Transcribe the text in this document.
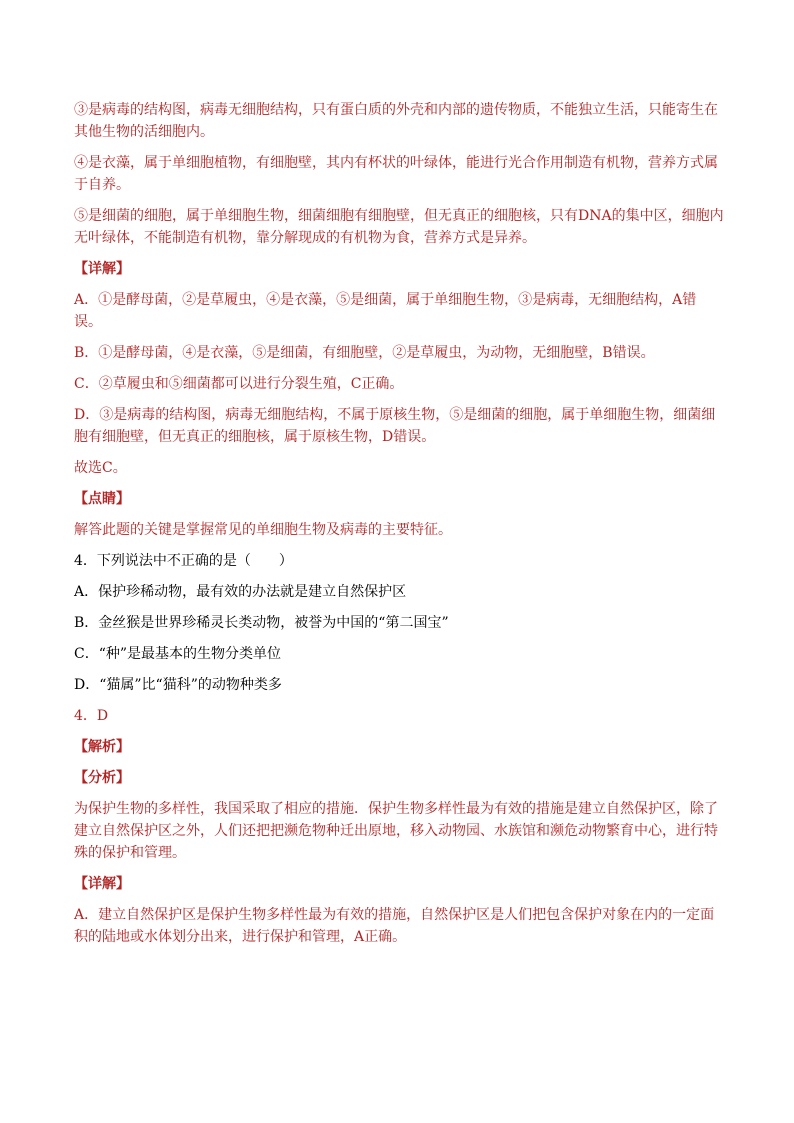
③是病毒的结构图，病毒无细胞结构，只有蛋白质的外壳和内部的遗传物质，不能独立生活，只能寄生在其他生物的活细胞内。
④是衣藻，属于单细胞植物，有细胞壁，其内有杯状的叶绿体，能进行光合作用制造有机物，营养方式属于自养。
⑤是细菌的细胞，属于单细胞生物，细菌细胞有细胞壁，但无真正的细胞核，只有DNA的集中区，细胞内无叶绿体，不能制造有机物，靠分解现成的有机物为食，营养方式是异养。
【详解】
A．①是酵母菌，②是草履虫，④是衣藻，⑤是细菌，属于单细胞生物，③是病毒，无细胞结构，A错误。
B．①是酵母菌，④是衣藻，⑤是细菌，有细胞壁，②是草履虫，为动物，无细胞壁，B错误。
C．②草履虫和⑤细菌都可以进行分裂生殖，C正确。
D．③是病毒的结构图，病毒无细胞结构，不属于原核生物，⑤是细菌的细胞，属于单细胞生物，细菌细胞有细胞壁，但无真正的细胞核，属于原核生物，D错误。
故选C。
【点睛】
解答此题的关键是掌握常见的单细胞生物及病毒的主要特征。
4．下列说法中不正确的是（　　）
A．保护珍稀动物，最有效的办法就是建立自然保护区
B．金丝猴是世界珍稀灵长类动物，被誉为中国的“第二国宝”
C．“种”是最基本的生物分类单位
D．“猫属”比“猫科”的动物种类多
4．D
【解析】
【分析】
为保护生物的多样性，我国采取了相应的措施．保护生物多样性最为有效的措施是建立自然保护区，除了建立自然保护区之外，人们还把把濒危物种迁出原地，移入动物园、水族馆和濒危动物繁育中心，进行特殊的保护和管理。
【详解】
A．建立自然保护区是保护生物多样性最为有效的措施，自然保护区是人们把包含保护对象在内的一定面积的陆地或水体划分出来，进行保护和管理，A正确。
